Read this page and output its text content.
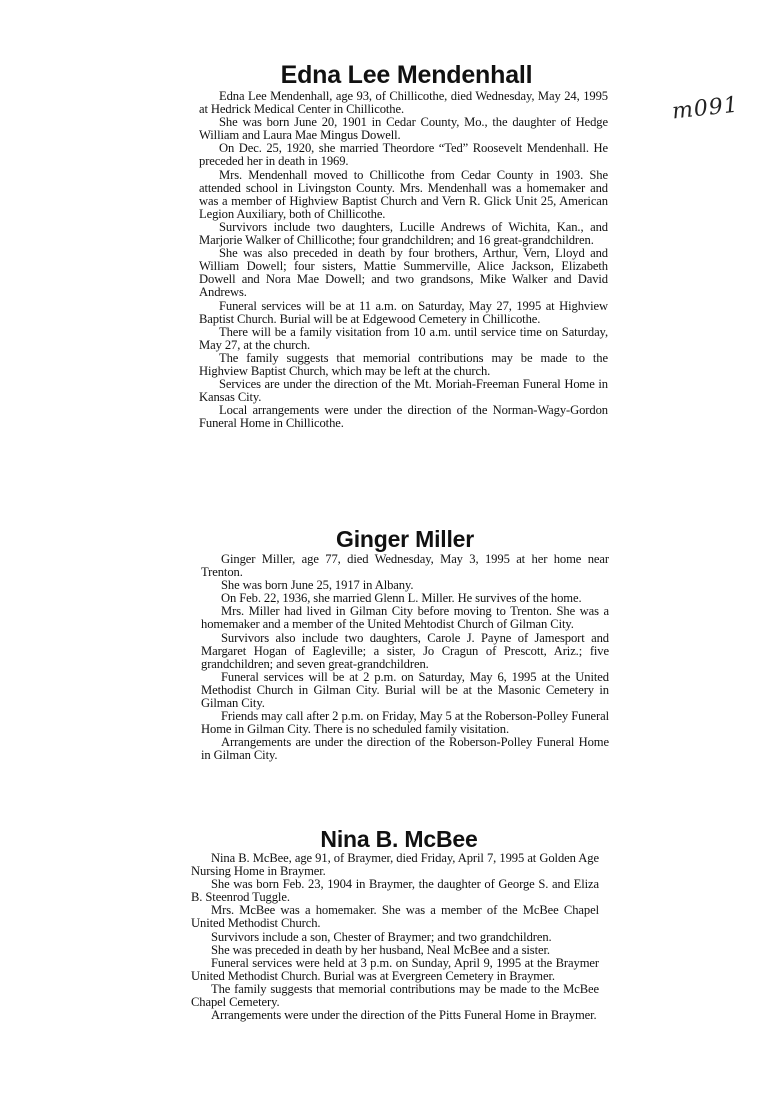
m091
Edna Lee Mendenhall

Edna Lee Mendenhall, age 93, of Chillicothe, died Wednesday, May 24, 1995 at Hedrick Medical Center in Chillicothe.

She was born June 20, 1901 in Cedar County, Mo., the daughter of Hedge William and Laura Mae Mingus Dowell.

On Dec. 25, 1920, she married Theordore “Ted” Roosevelt Mendenhall. He preceded her in death in 1969.

Mrs. Mendenhall moved to Chillicothe from Cedar County in 1903. She attended school in Livingston County. Mrs. Mendenhall was a homemaker and was a member of Highview Baptist Church and Vern R. Glick Unit 25, American Legion Auxiliary, both of Chillicothe.

Survivors include two daughters, Lucille Andrews of Wichita, Kan., and Marjorie Walker of Chillicothe; four grandchildren; and 16 great-grandchildren.

She was also preceded in death by four brothers, Arthur, Vern, Lloyd and William Dowell; four sisters, Mattie Summerville, Alice Jackson, Elizabeth Dowell and Nora Mae Dowell; and two grandsons, Mike Walker and David Andrews.

Funeral services will be at 11 a.m. on Saturday, May 27, 1995 at Highview Baptist Church. Burial will be at Edgewood Cemetery in Chillicothe.

There will be a family visitation from 10 a.m. until service time on Saturday, May 27, at the church.

The family suggests that memorial contributions may be made to the Highview Baptist Church, which may be left at the church.

Services are under the direction of the Mt. Moriah-Freeman Funeral Home in Kansas City.

Local arrangements were under the direction of the Norman-Wagy-Gordon Funeral Home in Chillicothe.

Ginger Miller

Ginger Miller, age 77, died Wednesday, May 3, 1995 at her home near Trenton.

She was born June 25, 1917 in Albany.

On Feb. 22, 1936, she married Glenn L. Miller. He survives of the home.

Mrs. Miller had lived in Gilman City before moving to Trenton. She was a homemaker and a member of the United Mehtodist Church of Gilman City.

Survivors also include two daughters, Carole J. Payne of Jamesport and Margaret Hogan of Eagleville; a sister, Jo Cragun of Prescott, Ariz.; five grandchildren; and seven great-grandchildren.

Funeral services will be at 2 p.m. on Saturday, May 6, 1995 at the United Methodist Church in Gilman City. Burial will be at the Masonic Cemetery in Gilman City.

Friends may call after 2 p.m. on Friday, May 5 at the Roberson-Polley Funeral Home in Gilman City. There is no scheduled family visitation.

Arrangements are under the direction of the Roberson-Polley Funeral Home in Gilman City.

Nina B. McBee

Nina B. McBee, age 91, of Braymer, died Friday, April 7, 1995 at Golden Age Nursing Home in Braymer.

She was born Feb. 23, 1904 in Braymer, the daughter of George S. and Eliza B. Steenrod Tuggle.

Mrs. McBee was a homemaker. She was a member of the McBee Chapel United Methodist Church.

Survivors include a son, Chester of Braymer; and two grandchildren.

She was preceded in death by her husband, Neal McBee and a sister.

Funeral services were held at 3 p.m. on Sunday, April 9, 1995 at the Braymer United Methodist Church. Burial was at Evergreen Cemetery in Braymer.

The family suggests that memorial contributions may be made to the McBee Chapel Cemetery.

Arrangements were under the direction of the Pitts Funeral Home in Braymer.
